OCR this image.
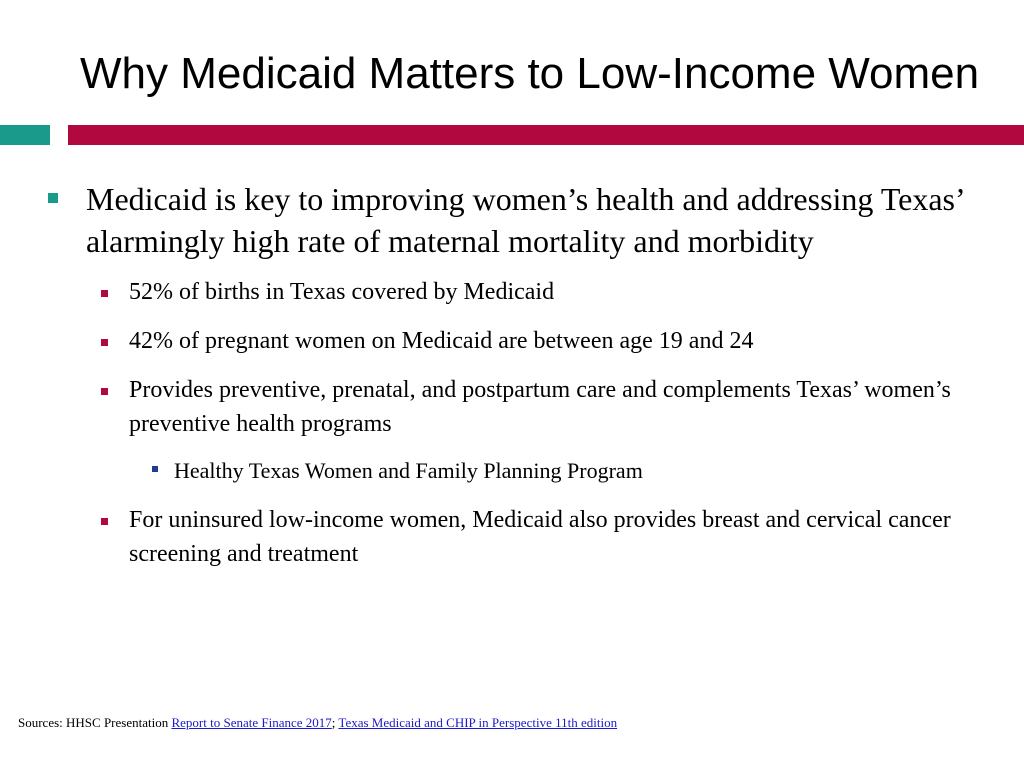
Why Medicaid Matters to Low-Income Women
Medicaid is key to improving women’s health and addressing Texas’ alarmingly high rate of maternal mortality and morbidity
52% of births in Texas covered by Medicaid
42% of pregnant women on Medicaid are between age 19 and 24
Provides preventive, prenatal, and postpartum care and complements Texas’ women’s preventive health programs
Healthy Texas Women and Family Planning Program
For uninsured low-income women, Medicaid also provides breast and cervical cancer screening and treatment
Sources: HHSC Presentation Report to Senate Finance 2017; Texas Medicaid and CHIP in Perspective 11th edition
